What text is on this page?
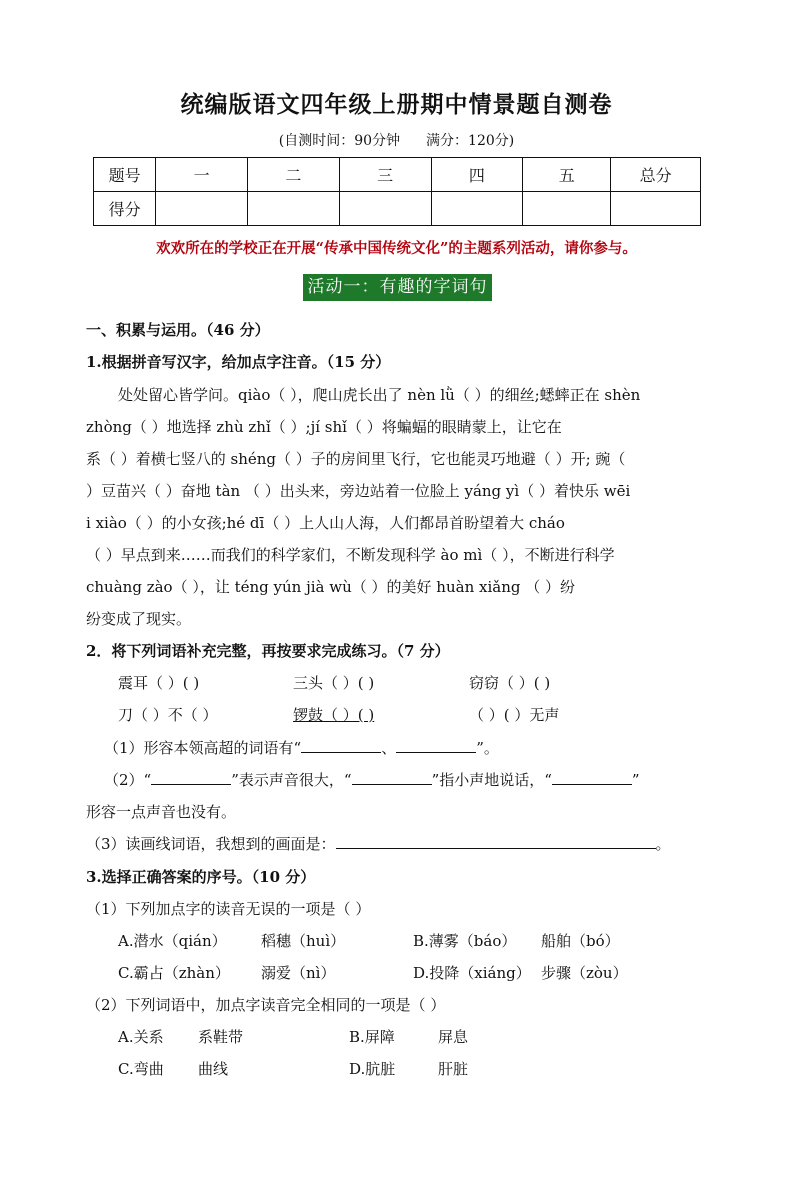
统编版语文四年级上册期中情景题自测卷
(自测时间：90分钟 满分：120分)
题号	一	二	三	四	五	总分
得分						
欢欢所在的学校正在开展“传承中国传统文化”的主题系列活动，请你参与。
活动一：有趣的字词句
一、积累与运用。（46 分）
1.根据拼音写汉字，给加点字注音。（15 分）
处处留心皆学问。qiào（ ），爬山虎长出了 nèn lǜ（ ）的细丝;蟋蟀正在 shèn
zhòng（ ）地选择 zhù zhǐ（ ）;jí shǐ（ ）将蝙蝠的眼睛蒙上，让它在
系（ ）着横七竖八的 shéng（ ）子的房间里飞行，它也能灵巧地避（ ）开; 豌（
）豆苗兴（ ）奋地 tàn （ ）出头来，旁边站着一位脸上 yáng yì（ ）着快乐 wēi
i xiào（ ）的小女孩;hé dī（ ）上人山人海，人们都昂首盼望着大 cháo
（ ）早点到来……而我们的科学家们，不断发现科学 ào mì（ ），不断进行科学
chuàng zào（ ），让 téng yún jià wù（ ）的美好 huàn xiǎng （ ）纷
纷变成了现实。
2．将下列词语补充完整，再按要求完成练习。（7 分）
震耳（ ）( )	三头（ ）( )	窃窃（ ）( )
刀（ ）不（ ）	锣鼓（ ）( )	（ ）( ）无声
（1）形容本领高超的词语有“	、	”。
（2）“	”表示声音很大，“	”指小声地说话，“	”
形容一点声音也没有。
（3）读画线词语，我想到的画面是：	。
3.选择正确答案的序号。（10 分）
（1）下列加点字的读音无误的一项是（ ）
A.潜水（qián） 稻穗（huì）	B.薄雾（báo） 船舶（bó）
C.霸占（zhàn） 溺爱（nì）	D.投降（xiáng） 步骤（zòu）
（2）下列词语中，加点字读音完全相同的一项是（ ）
A.关系 系鞋带	B.屏障	屏息
C.弯曲 曲线	D.肮脏	肝脏
